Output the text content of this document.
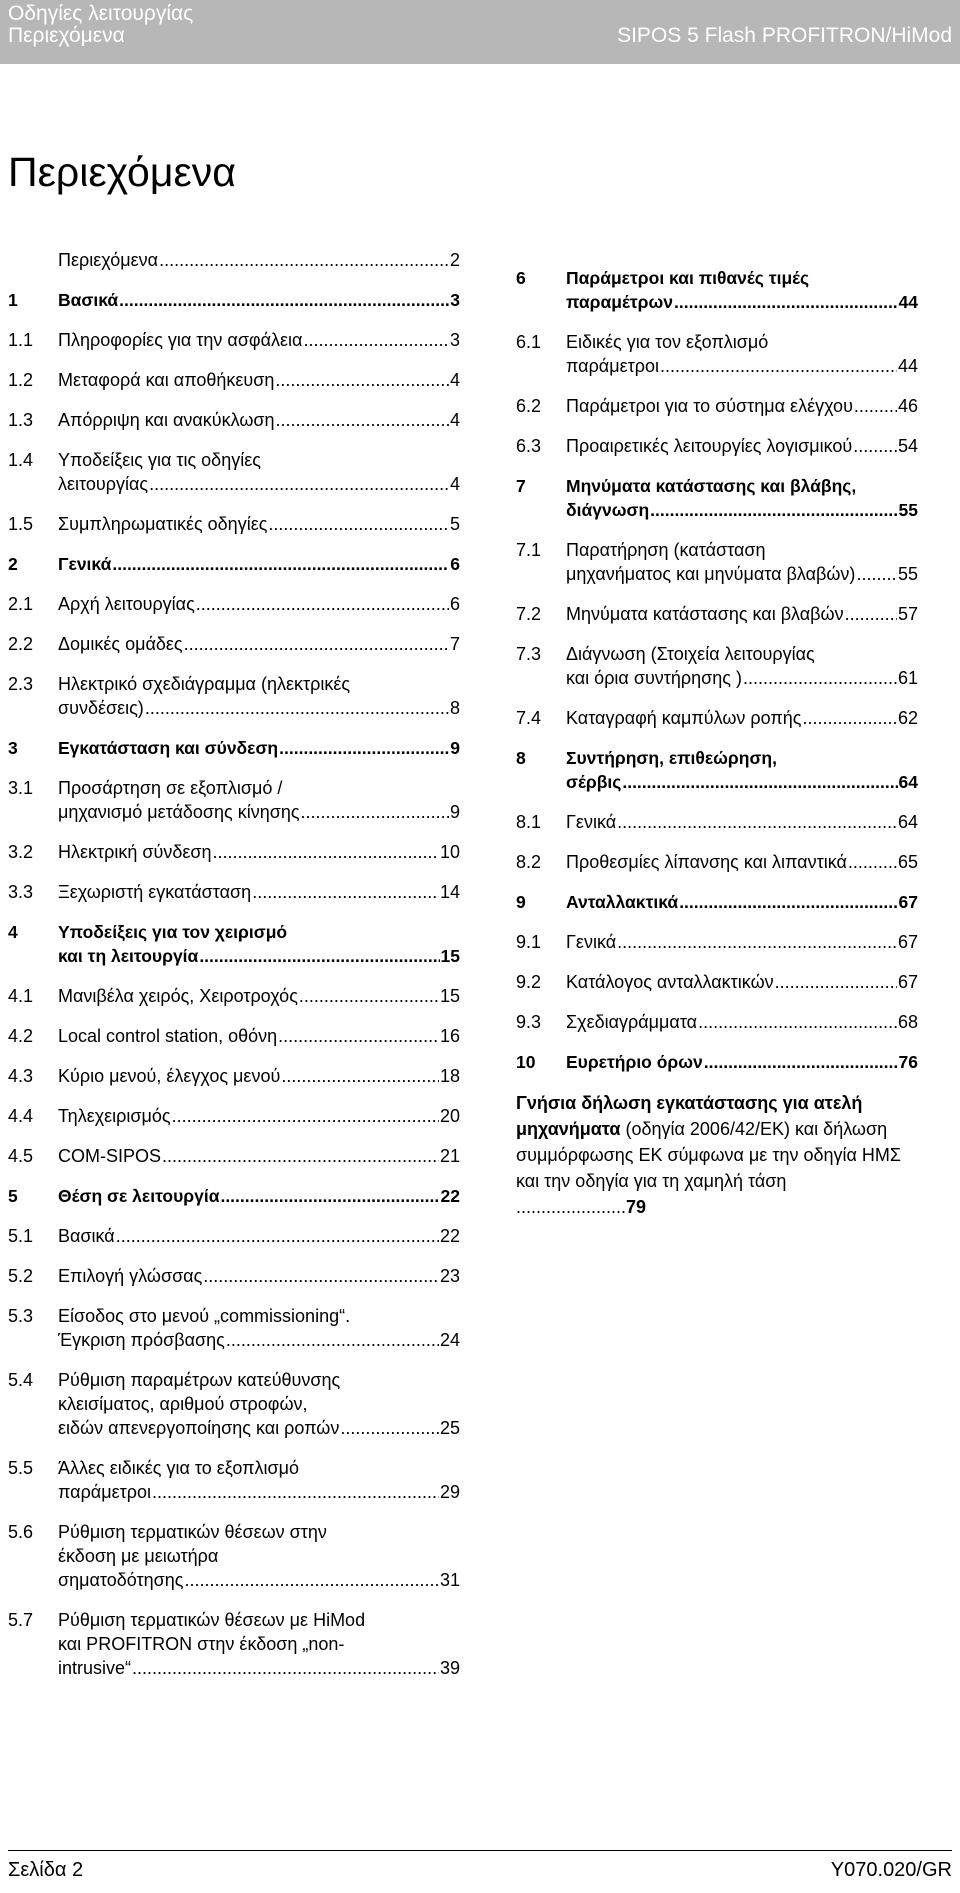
Οδηγίες λειτουργίας
Περιεχόμενα	SIPOS 5 Flash PROFITRON/HiMod
Περιεχόμενα
Περιεχόμενα .....	2
1	Βασικά .....	3
1.1	Πληροφορίες για την ασφάλεια .....	3
1.2	Μεταφορά και αποθήκευση .....	4
1.3	Απόρριψη και ανακύκλωση .....	4
1.4	Υποδείξεις για τις οδηγίες
λειτουργίας .....	4
1.5	Συμπληρωματικές οδηγίες .....	5
2	Γενικά .....	6
2.1	Αρχή λειτουργίας .....	6
2.2	Δομικές ομάδες .....	7
2.3	Ηλεκτρικό σχεδιάγραμμα (ηλεκτρικές
συνδέσεις) .....	8
3	Εγκατάσταση και σύνδεση .....	9
3.1	Προσάρτηση σε εξοπλισμό /
μηχανισμό μετάδοσης κίνησης .....	9
3.2	Ηλεκτρική σύνδεση .....	10
3.3	Ξεχωριστή εγκατάσταση .....	14
4	Υποδείξεις για τον χειρισμό
και τη λειτουργία .....	15
4.1	Μανιβέλα χειρός, Χειροτροχός .....	15
4.2	Local control station, οθόνη .....	16
4.3	Κύριο μενού, έλεγχος μενού .....	18
4.4	Τηλεχειρισμός .....	20
4.5	COM-SIPOS .....	21
5	Θέση σε λειτουργία .....	22
5.1	Βασικά .....	22
5.2	Επιλογή γλώσσας .....	23
5.3	Είσοδος στο μενού „commissioning“.
Έγκριση πρόσβασης .....	24
5.4	Ρύθμιση παραμέτρων κατεύθυνσης
κλεισίματος, αριθμού στροφών,
ειδών απενεργοποίησης και ροπών .....	25
5.5	Άλλες ειδικές για το εξοπλισμό
παράμετροι .....	29
5.6	Ρύθμιση τερματικών θέσεων στην
έκδοση με μειωτήρα
σηματοδότησης .....	31
5.7	Ρύθμιση τερματικών θέσεων με HiMod
και PROFITRON στην έκδοση „non-
intrusive“ .....	39
6	Παράμετροι και πιθανές τιμές
παραμέτρων .....	44
6.1	Ειδικές για τον εξοπλισμό
παράμετροι .....	44
6.2	Παράμετροι για το σύστημα ελέγχου .....	46
6.3	Προαιρετικές λειτουργίες λογισμικού .....	54
7	Μηνύματα κατάστασης και βλάβης,
διάγνωση .....	55
7.1	Παρατήρηση (κατάσταση
μηχανήματος και μηνύματα βλαβών) ..... 55
7.2	Μηνύματα κατάστασης και βλαβών .....	57
7.3	Διάγνωση (Στοιχεία λειτουργίας
και όρια συντήρησης ) .....	61
7.4	Καταγραφή καμπύλων ροπής .....	62
8	Συντήρηση, επιθεώρηση,
σέρβις .....	64
8.1	Γενικά .....	64
8.2	Προθεσμίες λίπανσης και λιπαντικά .....	65
9	Ανταλλακτικά .....	67
9.1	Γενικά .....	67
9.2	Κατάλογος ανταλλακτικών .....	67
9.3	Σχεδιαγράμματα .....	68
10	Ευρετήριο όρων .....	76
Γνήσια δήλωση εγκατάστασης για ατελή μηχανήματα (οδηγία 2006/42/ΕΚ) και δήλωση συμμόρφωσης ΕΚ σύμφωνα με την οδηγία ΗΜΣ και την οδηγία για τη χαμηλή τάση ......................79
Σελίδα 2	Y070.020/GR
